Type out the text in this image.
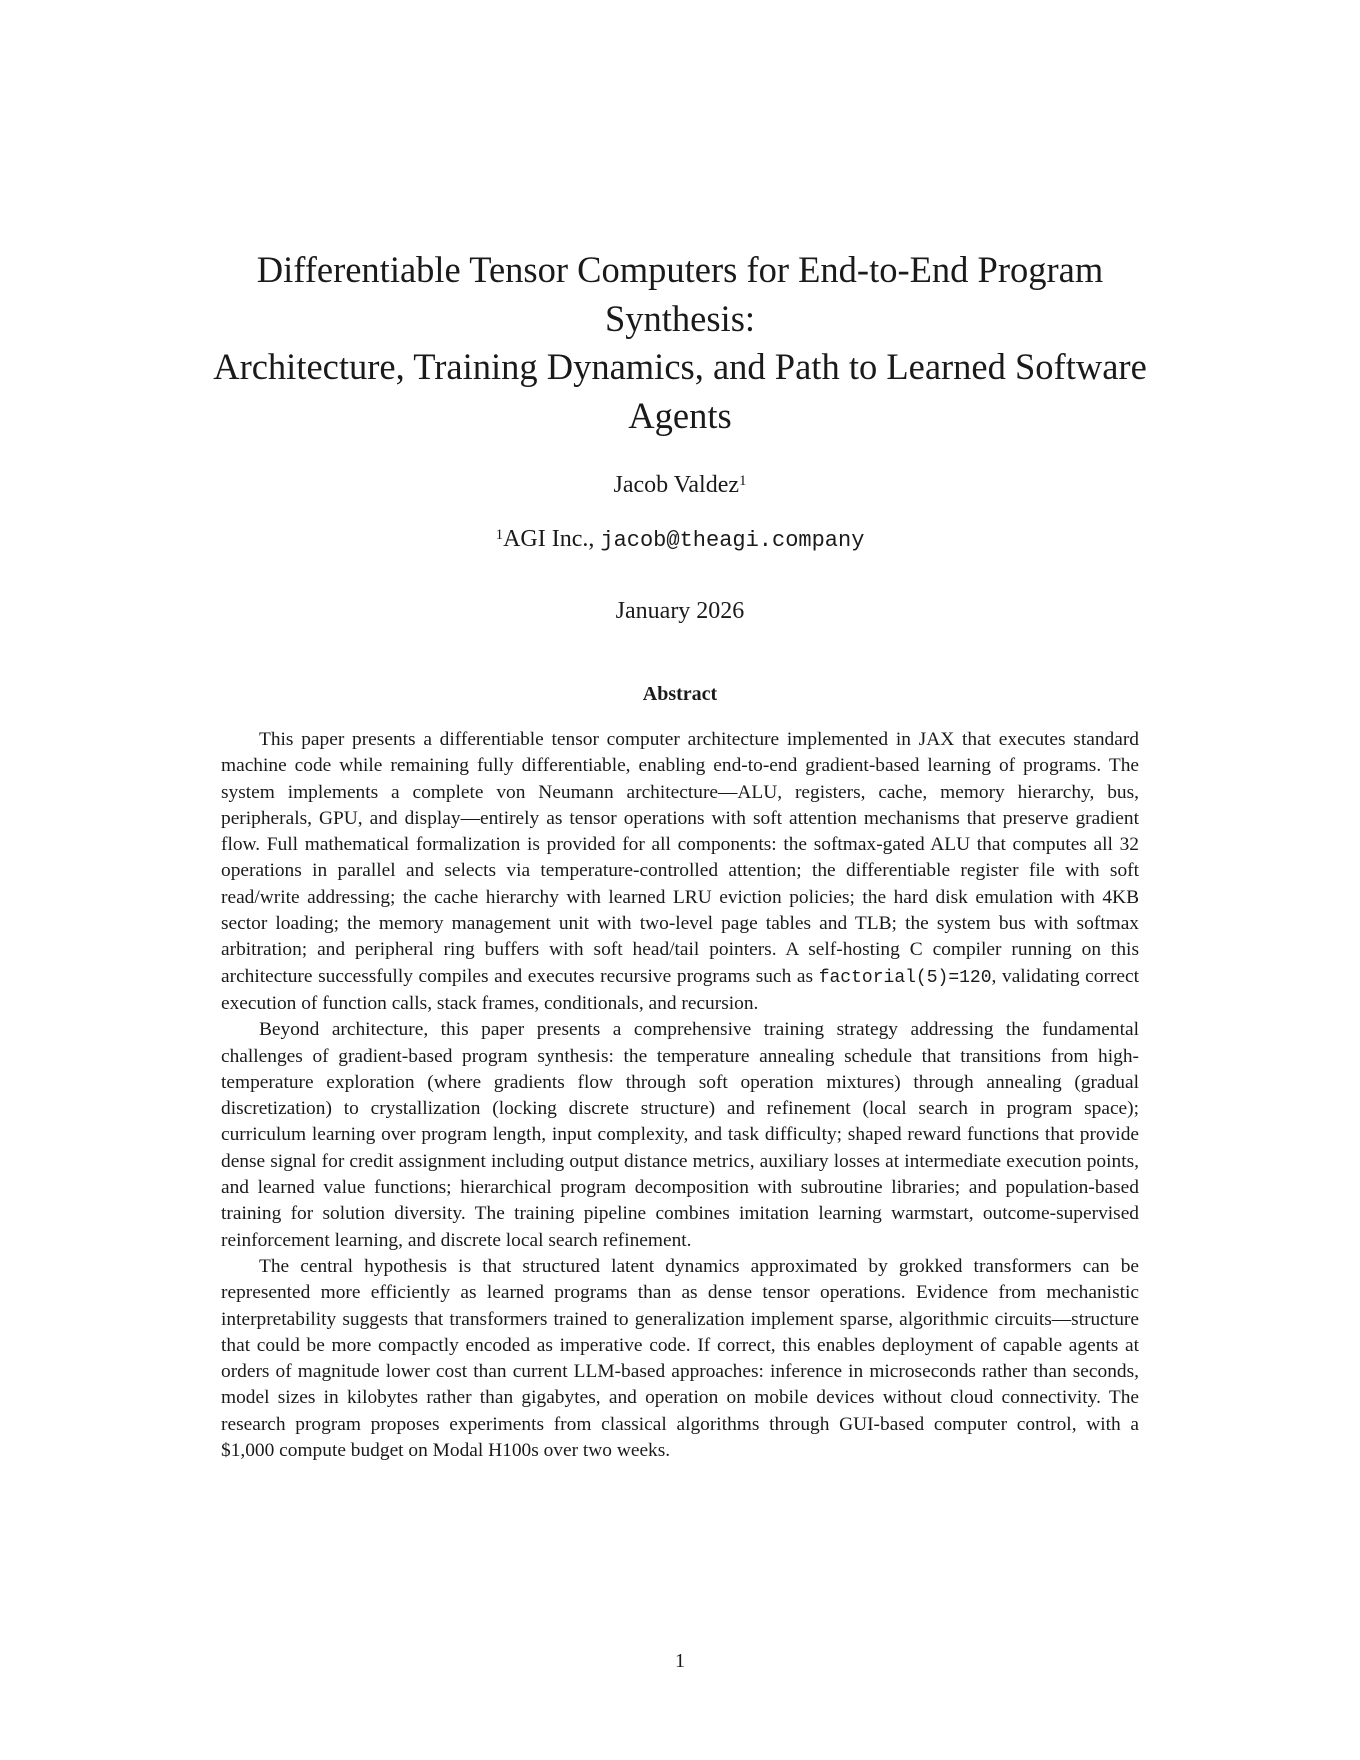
Differentiable Tensor Computers for End-to-End Program
Synthesis:
Architecture, Training Dynamics, and Path to Learned Software
Agents
Jacob Valdez$^1$
$^1$AGI Inc., jacob@theagi.company
January 2026
Abstract

This paper presents a differentiable tensor computer architecture implemented in JAX that executes standard machine code while remaining fully differentiable, enabling end-to-end gradient-based learning of programs. The system implements a complete von Neumann architecture—ALU, registers, cache, memory hierarchy, bus, peripherals, GPU, and display—entirely as tensor operations with soft attention mechanisms that preserve gradient flow. Full mathematical formalization is provided for all components: the softmax-gated ALU that computes all 32 operations in parallel and selects via temperature-controlled attention; the differentiable register file with soft read/write addressing; the cache hierarchy with learned LRU eviction policies; the hard disk emulation with 4KB sector loading; the memory management unit with two-level page tables and TLB; the system bus with softmax arbitration; and peripheral ring buffers with soft head/tail pointers. A self-hosting C compiler running on this architecture successfully compiles and executes recursive programs such as factorial(5)=120, validating correct execution of function calls, stack frames, conditionals, and recursion.

Beyond architecture, this paper presents a comprehensive training strategy addressing the fundamental challenges of gradient-based program synthesis: the temperature annealing schedule that transitions from high-temperature exploration (where gradients flow through soft operation mixtures) through annealing (gradual discretization) to crystallization (locking discrete structure) and refinement (local search in program space); curriculum learning over program length, input complexity, and task difficulty; shaped reward functions that provide dense signal for credit assignment including output distance metrics, auxiliary losses at intermediate execution points, and learned value functions; hierarchical program decomposition with subroutine libraries; and population-based training for solution diversity. The training pipeline combines imitation learning warmstart, outcome-supervised reinforcement learning, and discrete local search refinement.

The central hypothesis is that structured latent dynamics approximated by grokked transformers can be represented more efficiently as learned programs than as dense tensor operations. Evidence from mechanistic interpretability suggests that transformers trained to generalization implement sparse, algorithmic circuits—structure that could be more compactly encoded as imperative code. If correct, this enables deployment of capable agents at orders of magnitude lower cost than current LLM-based approaches: inference in microseconds rather than seconds, model sizes in kilobytes rather than gigabytes, and operation on mobile devices without cloud connectivity. The research program proposes experiments from classical algorithms through GUI-based computer control, with a $1,000 compute budget on Modal H100s over two weeks.

1
